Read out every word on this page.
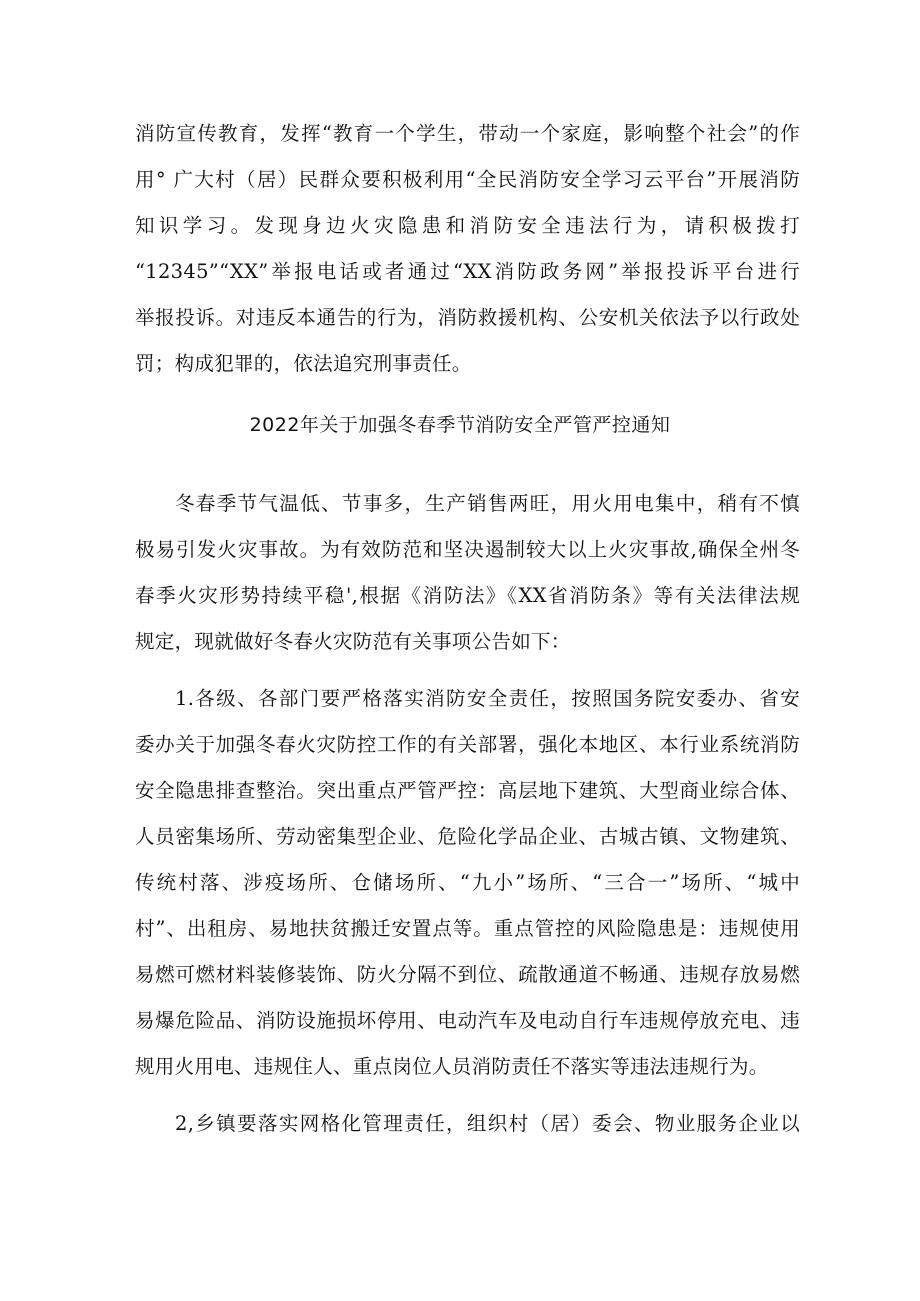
消防宣传教育，发挥“教育一个学生，带动一个家庭，影响整个社会”的作
用° 广大村（居）民群众要积极利用“全民消防安全学习云平台”开展消防
知识学习。发现身边火灾隐患和消防安全违法行为，请积极拨打
“12345”“XX”举报电话或者通过“XX消防政务网”举报投诉平台进行
举报投诉。对违反本通告的行为，消防救援机构、公安机关依法予以行政处
罚；构成犯罪的，依法追究刑事责任。
2022年关于加强冬春季节消防安全严管严控通知
冬春季节气温低、节事多，生产销售两旺，用火用电集中，稍有不慎
极易引发火灾事故。为有效防范和坚决遏制较大以上火灾事故,确保全州冬
春季火灾形势持续平稳',根据《消防法》《XX省消防条》等有关法律法规
规定，现就做好冬春火灾防范有关事项公告如下：
1.各级、各部门要严格落实消防安全责任，按照国务院安委办、省安
委办关于加强冬春火灾防控工作的有关部署，强化本地区、本行业系统消防
安全隐患排查整治。突出重点严管严控：高层地下建筑、大型商业综合体、
人员密集场所、劳动密集型企业、危险化学品企业、古城古镇、文物建筑、
传统村落、涉疫场所、仓储场所、“九小”场所、“三合一”场所、“城中
村”、出租房、易地扶贫搬迁安置点等。重点管控的风险隐患是：违规使用
易燃可燃材料装修装饰、防火分隔不到位、疏散通道不畅通、违规存放易燃
易爆危险品、消防设施损坏停用、电动汽车及电动自行车违规停放充电、违
规用火用电、违规住人、重点岗位人员消防责任不落实等违法违规行为。
2,乡镇要落实网格化管理责任，组织村（居）委会、物业服务企业以
